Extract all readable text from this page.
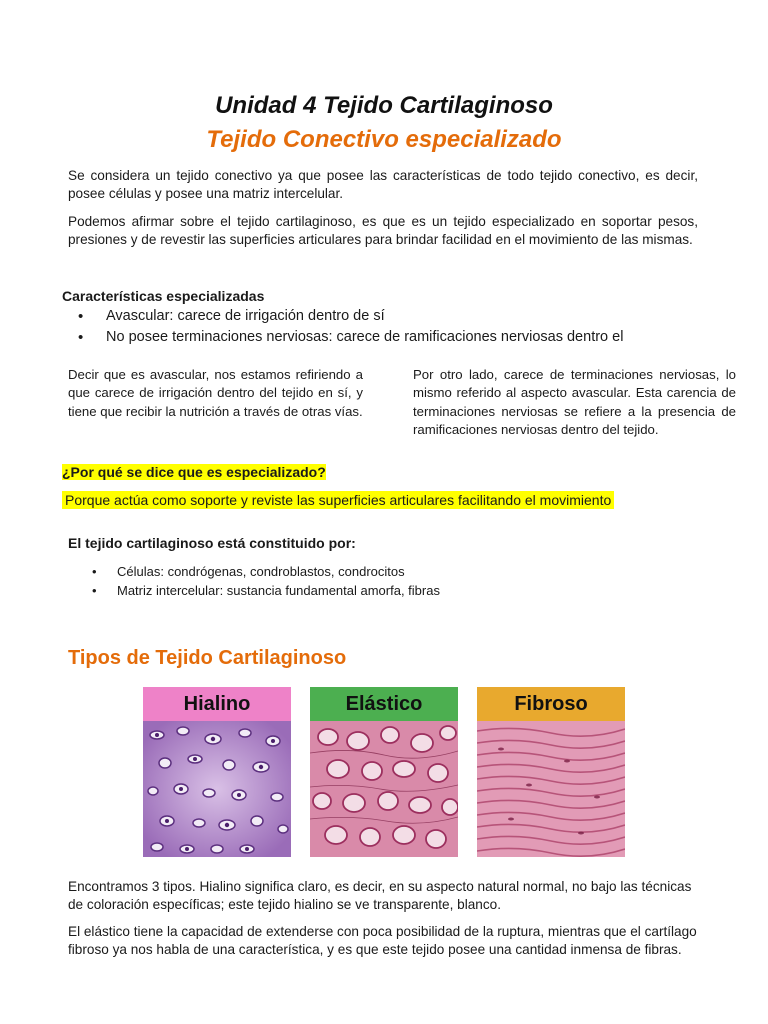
Unidad 4 Tejido Cartilaginoso
Tejido Conectivo especializado
Se considera un tejido conectivo ya que posee las características de todo tejido conectivo, es decir, posee células y posee una matriz intercelular.
Podemos afirmar sobre el tejido cartilaginoso, es que es un tejido especializado en soportar pesos, presiones y de revestir las superficies articulares para brindar facilidad en el movimiento de las mismas.
Características especializadas
• Avascular: carece de irrigación dentro de sí
• No posee terminaciones nerviosas: carece de ramificaciones nerviosas dentro el
Decir que es avascular, nos estamos refiriendo a que carece de irrigación dentro del tejido en sí, y tiene que recibir la nutrición a través de otras vías.
Por otro lado, carece de terminaciones nerviosas, lo mismo referido al aspecto avascular. Esta carencia de terminaciones nerviosas se refiere a la presencia de ramificaciones nerviosas dentro del tejido.
¿Por qué se dice que es especializado?
Porque actúa como soporte y reviste las superficies articulares facilitando el movimiento
El tejido cartilaginoso está constituido por:
• Células: condrógenas, condroblastos, condrocitos
• Matriz intercelular: sustancia fundamental amorfa, fibras
Tipos de Tejido Cartilaginoso
Hialino	Elástico	Fibroso
Encontramos 3 tipos. Hialino significa claro, es decir, en su aspecto natural normal, no bajo las técnicas de coloración específicas; este tejido hialino se ve transparente, blanco.
El elástico tiene la capacidad de extenderse con poca posibilidad de la ruptura, mientras que el cartílago fibroso ya nos habla de una característica, y es que este tejido posee una cantidad inmensa de fibras.
